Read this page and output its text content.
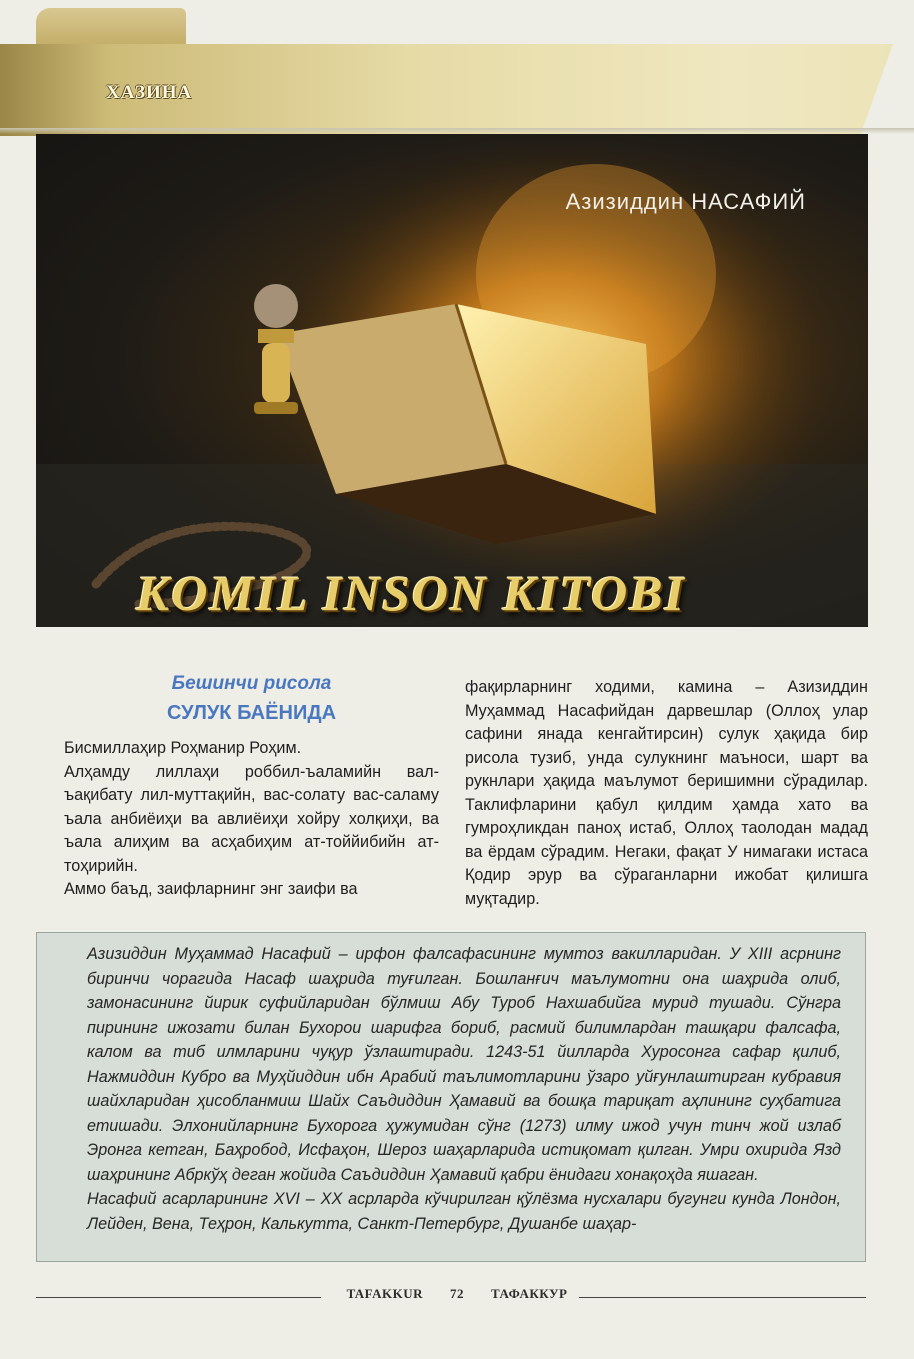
ХАЗИНА
Азизиддин НАСАФИЙ
KOMIL INSON KITOBI
Бешинчи рисола
СУЛУК БАЁНИДА

Бисмиллаҳир Роҳманир Роҳим.

Алҳамду лиллаҳи роббил-ъаламийн вал-ъақибату лил-муттақийн, вас-солату вас-саламу ъала анбиёиҳи ва авлиёиҳи хойру холқиҳи, ва ъала алиҳим ва асҳабиҳим ат-тоййибийн ат-тоҳирийн.

Аммо баъд, заифларнинг энг заифи ва

фақирларнинг ходими, камина – Азизиддин Муҳаммад Насафийдан дарвешлар (Оллоҳ улар сафини янада кенгайтирсин) сулук ҳақида бир рисола тузиб, унда сулукнинг маъноси, шарт ва рукнлари ҳақида маълумот беришимни сўрадилар. Таклифларини қабул қилдим ҳамда хато ва гумроҳликдан паноҳ истаб, Оллоҳ таолодан мадад ва ёрдам сўрадим. Негаки, фақат У нимагаки истаса Қодир эрур ва сўраганларни ижобат қилишга муқтадир.

Азизиддин Муҳаммад Насафий – ирфон фалсафасининг мумтоз вакилларидан. У XIII асрнинг биринчи чорагида Насаф шаҳрида туғилган. Бошланғич маълумотни она шаҳрида олиб, замонасининг йирик суфийларидан бўлмиш Абу Туроб Нахшабийга мурид тушади. Сўнгра пирининг ижозати билан Бухорои шарифга бориб, расмий билимлардан ташқари фалсафа, калом ва тиб илмларини чуқур ўзлаштиради. 1243-51 йилларда Хуросонга сафар қилиб, Нажмиддин Кубро ва Муҳйиддин ибн Арабий таълимотларини ўзаро уйғунлаштирган кубравия шайхларидан ҳисобланмиш Шайх Саъдиддин Ҳамавий ва бошқа тариқат аҳлининг суҳбатига етишади. Элхонийларнинг Бухорога ҳужумидан сўнг (1273) илму ижод учун тинч жой излаб Эронга кетган, Баҳробод, Исфаҳон, Шероз шаҳарларида истиқомат қилган. Умри охирида Язд шаҳрининг Абркўҳ деган жойида Саъдиддин Ҳамавий қабри ёнидаги хонақоҳда яшаган.

Насафий асарларининг XVI – XX асрларда кўчирилган қўлёзма нусхалари бугунги кунда Лондон, Лейден, Вена, Теҳрон, Калькутта, Санкт-Петербург, Душанбе шаҳар-

TAFAKKUR 72 ТАФАККУР
